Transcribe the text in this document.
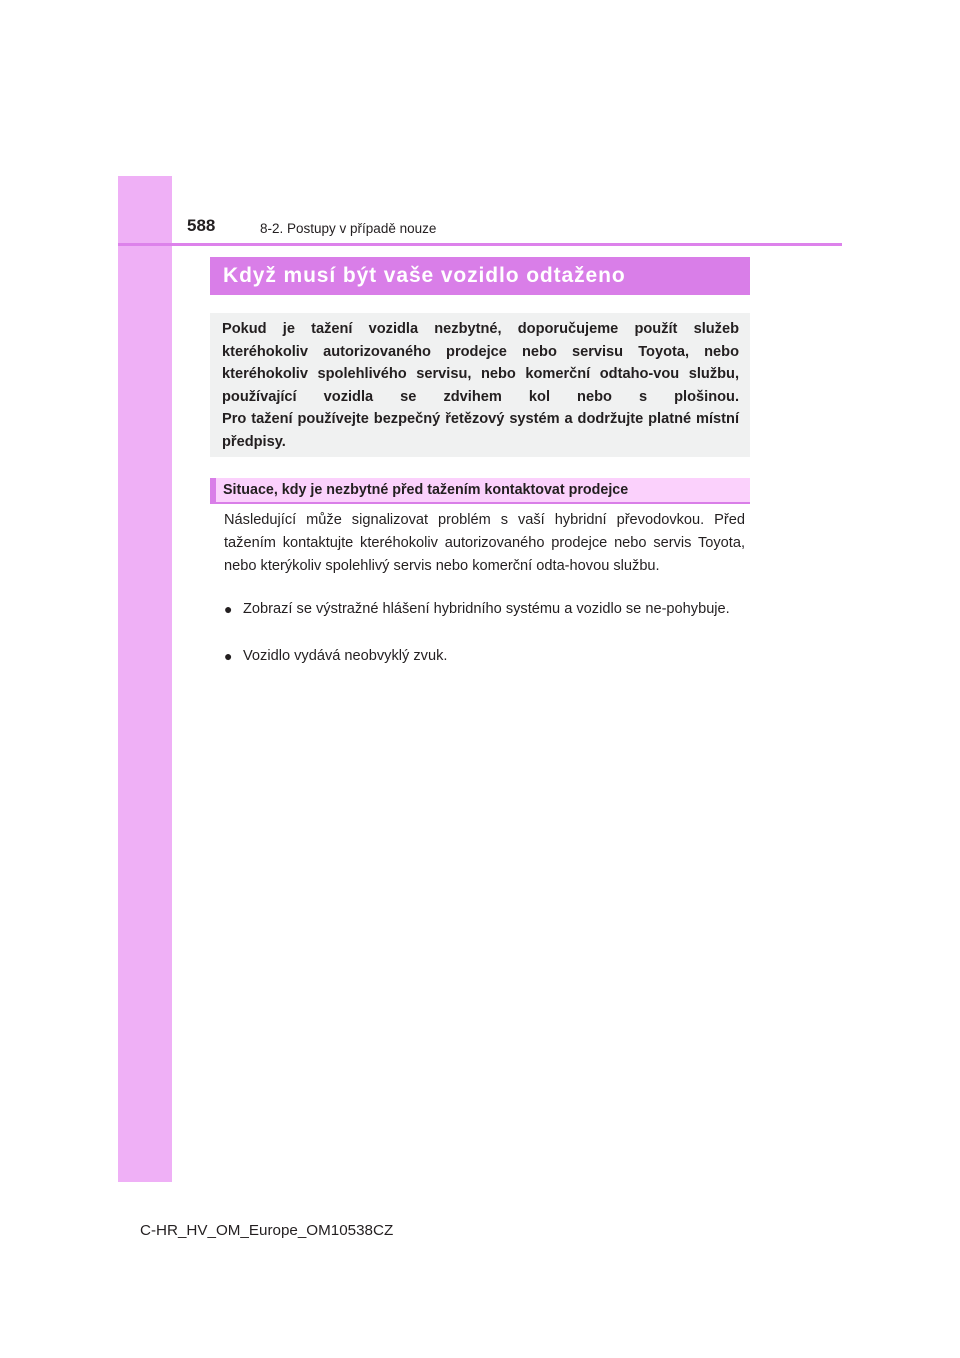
588	8-2. Postupy v případě nouze
Když musí být vaše vozidlo odtaženo

Pokud je tažení vozidla nezbytné, doporučujeme použít služeb kteréhokoliv autorizovaného prodejce nebo servisu Toyota, nebo kteréhokoliv spolehlivého servisu, nebo komerční odtaho-vou službu, používající vozidla se zdvihem kol nebo s plošinou.

Pro tažení používejte bezpečný řetězový systém a dodržujte platné místní předpisy.

Situace, kdy je nezbytné před tažením kontaktovat prodejce

Následující může signalizovat problém s vaší hybridní převodovkou. Před tažením kontaktujte kteréhokoliv autorizovaného prodejce nebo servis Toyota, nebo kterýkoliv spolehlivý servis nebo komerční odta-hovou službu.

● Zobrazí se výstražné hlášení hybridního systému a vozidlo se ne-pohybuje.
● Vozidlo vydává neobvyklý zvuk.
C-HR_HV_OM_Europe_OM10538CZ
